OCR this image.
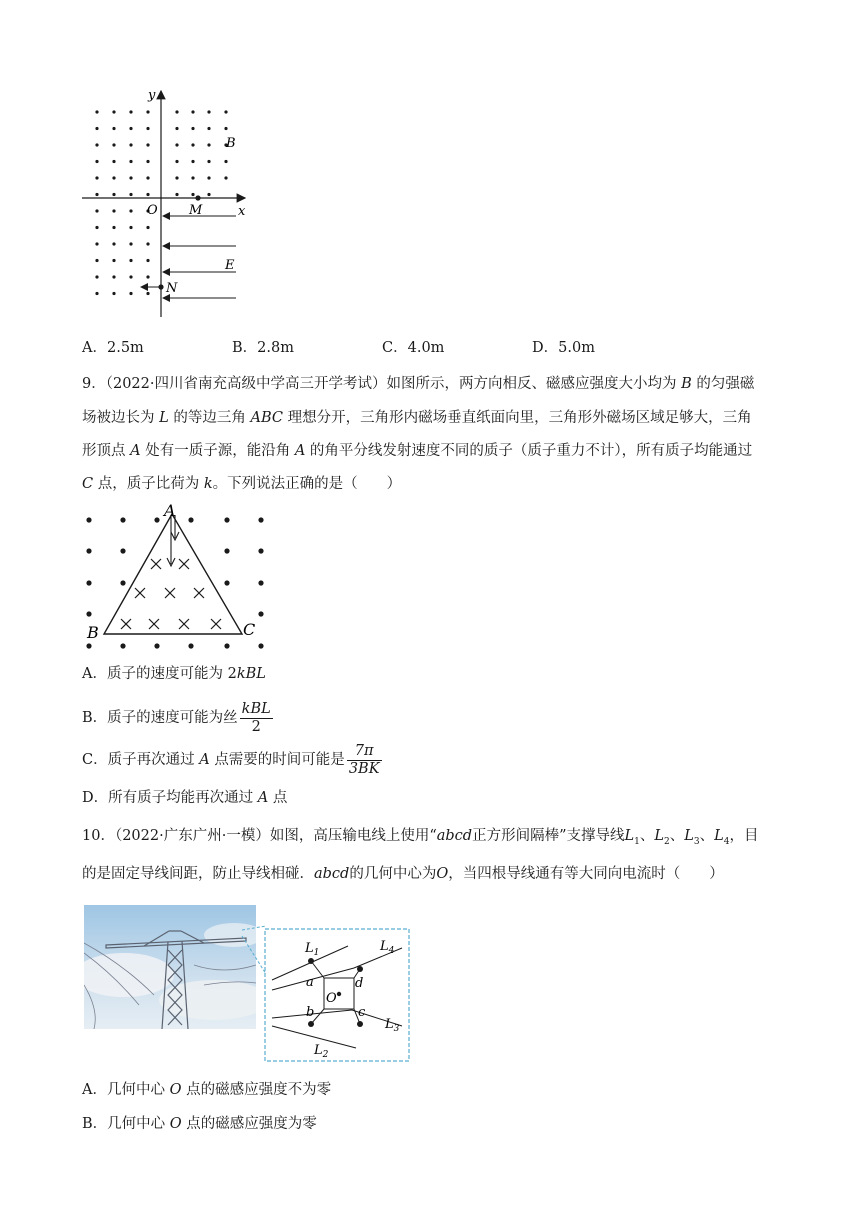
y
x
O M
B
E
N
A．2.5m	B．2.8m	C．4.0m	D．5.0m
9．（2022·四川省南充高级中学高三开学考试）如图所示，两方向相反、磁感应强度大小均为 B 的匀强磁
场被边长为 L 的等边三角 ABC 理想分开，三角形内磁场垂直纸面向里，三角形外磁场区域足够大，三角
形顶点 A 处有一质子源，能沿角 A 的角平分线发射速度不同的质子（质子重力不计），所有质子均能通过
C 点，质子比荷为 k。下列说法正确的是（　　）
A
B	C
A．质子的速度可能为 2kBL
B．质子的速度可能为丝 $\frac{\text{kBL}}{2}$
C．质子再次通过 A 点需要的时间可能是 $\frac{7\pi}{3BK}$
D．所有质子均能再次通过 A 点
10．（2022·广东广州·一模）如图，高压输电线上使用“abcd正方形间隔棒”支撑导线$L_1$、$L_2$、$L_3$、$L_4$，目
的是固定导线间距，防止导线相碰．abcd的几何中心为O，当四根导线通有等大同向电流时（　　）
$L_1$	$L_4$
$L_3$
$L_2$
a	d
b	c
O
A．几何中心 O 点的磁感应强度不为零
B．几何中心 O 点的磁感应强度为零
